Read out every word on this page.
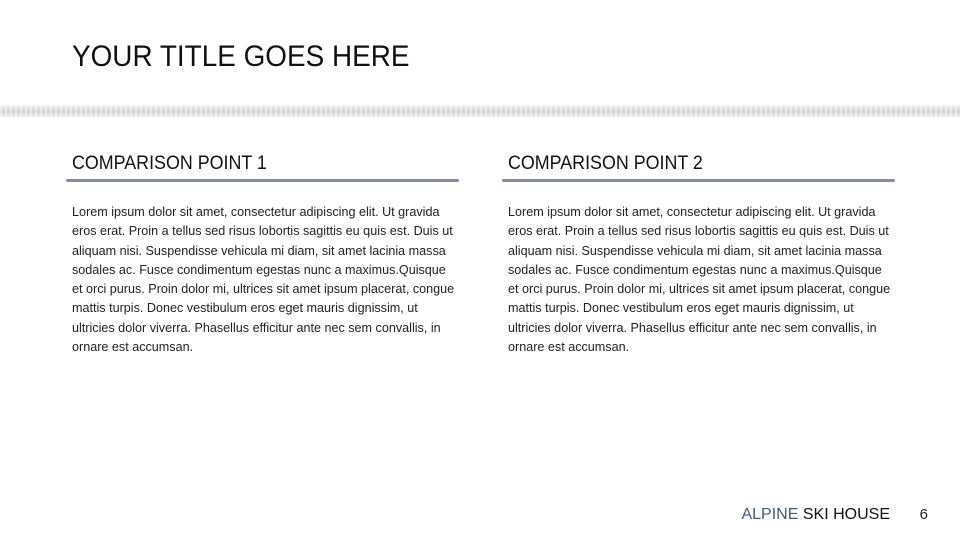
YOUR TITLE GOES HERE
COMPARISON POINT 1
Lorem ipsum dolor sit amet, consectetur adipiscing elit. Ut gravida eros erat. Proin a tellus sed risus lobortis sagittis eu quis est. Duis ut aliquam nisi. Suspendisse vehicula mi diam, sit amet lacinia massa sodales ac. Fusce condimentum egestas nunc a maximus.Quisque et orci purus. Proin dolor mi, ultrices sit amet ipsum placerat, congue mattis turpis. Donec vestibulum eros eget mauris dignissim, ut ultricies dolor viverra. Phasellus efficitur ante nec sem convallis, in ornare est accumsan.
COMPARISON POINT 2
Lorem ipsum dolor sit amet, consectetur adipiscing elit. Ut gravida eros erat. Proin a tellus sed risus lobortis sagittis eu quis est. Duis ut aliquam nisi. Suspendisse vehicula mi diam, sit amet lacinia massa sodales ac. Fusce condimentum egestas nunc a maximus.Quisque et orci purus. Proin dolor mi, ultrices sit amet ipsum placerat, congue mattis turpis. Donec vestibulum eros eget mauris dignissim, ut ultricies dolor viverra. Phasellus efficitur ante nec sem convallis, in ornare est accumsan.
ALPINE SKI HOUSE 6
